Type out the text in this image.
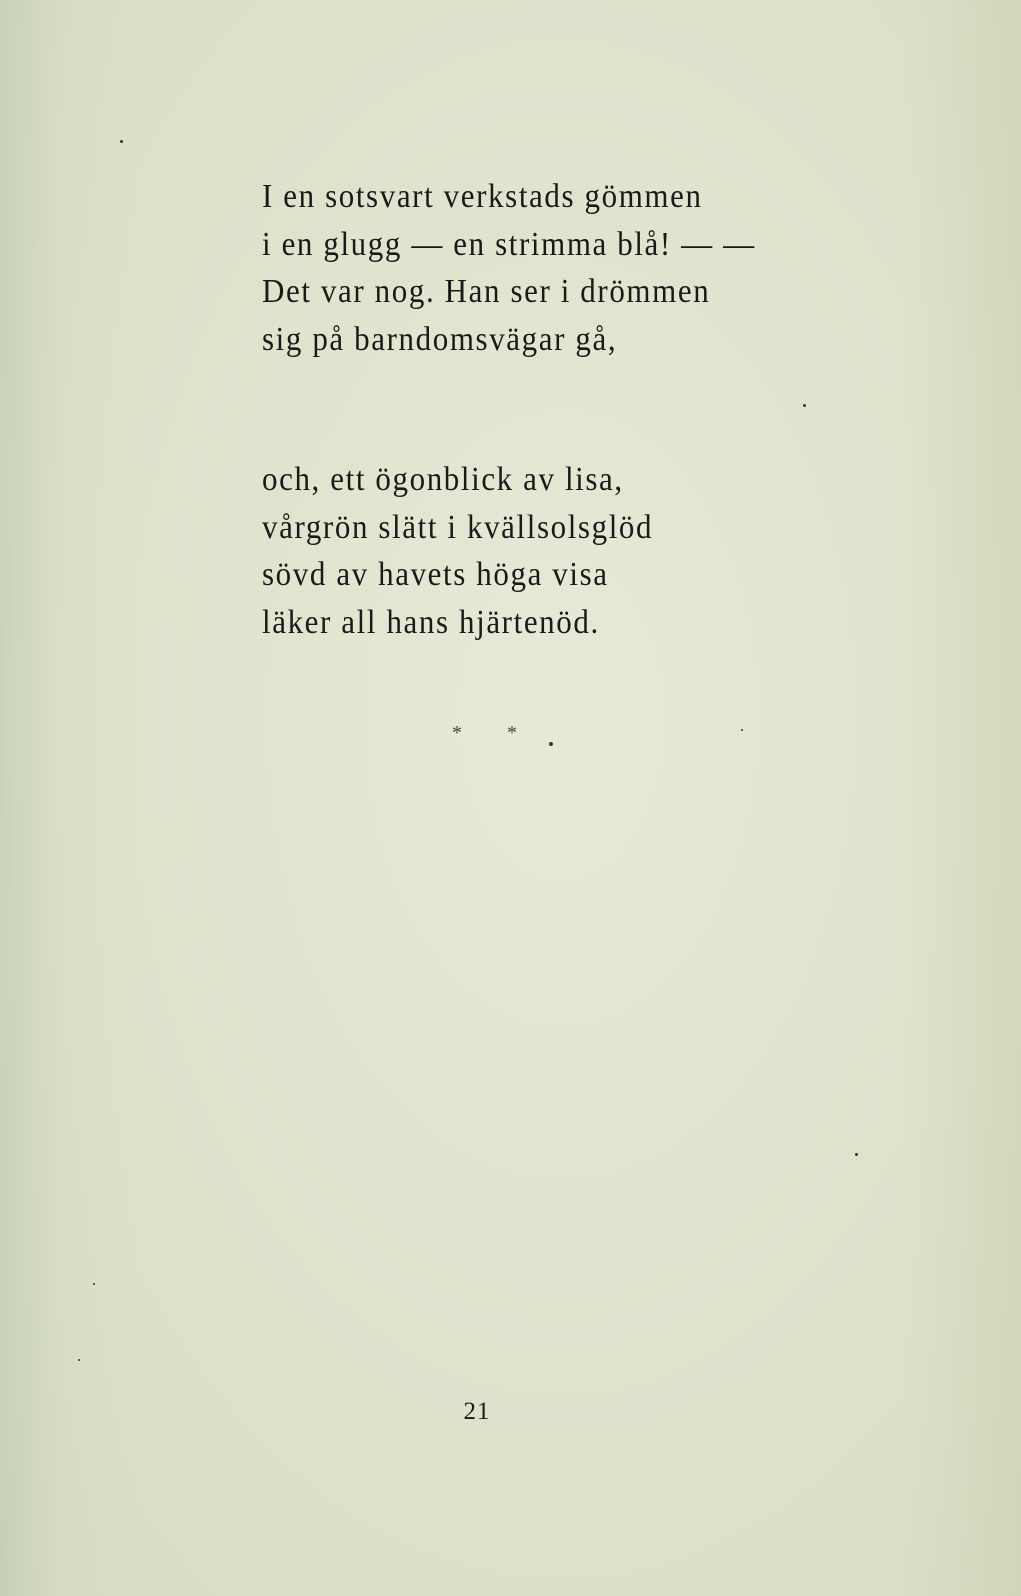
I en sotsvart verkstads gömmen
i en glugg — en strimma blå! — —
Det var nog. Han ser i drömmen
sig på barndomsvägar gå,
och, ett ögonblick av lisa,
vårgrön slätt i kvällsolsglöd
sövd av havets höga visa
läker all hans hjärtenöd.
* *
21
